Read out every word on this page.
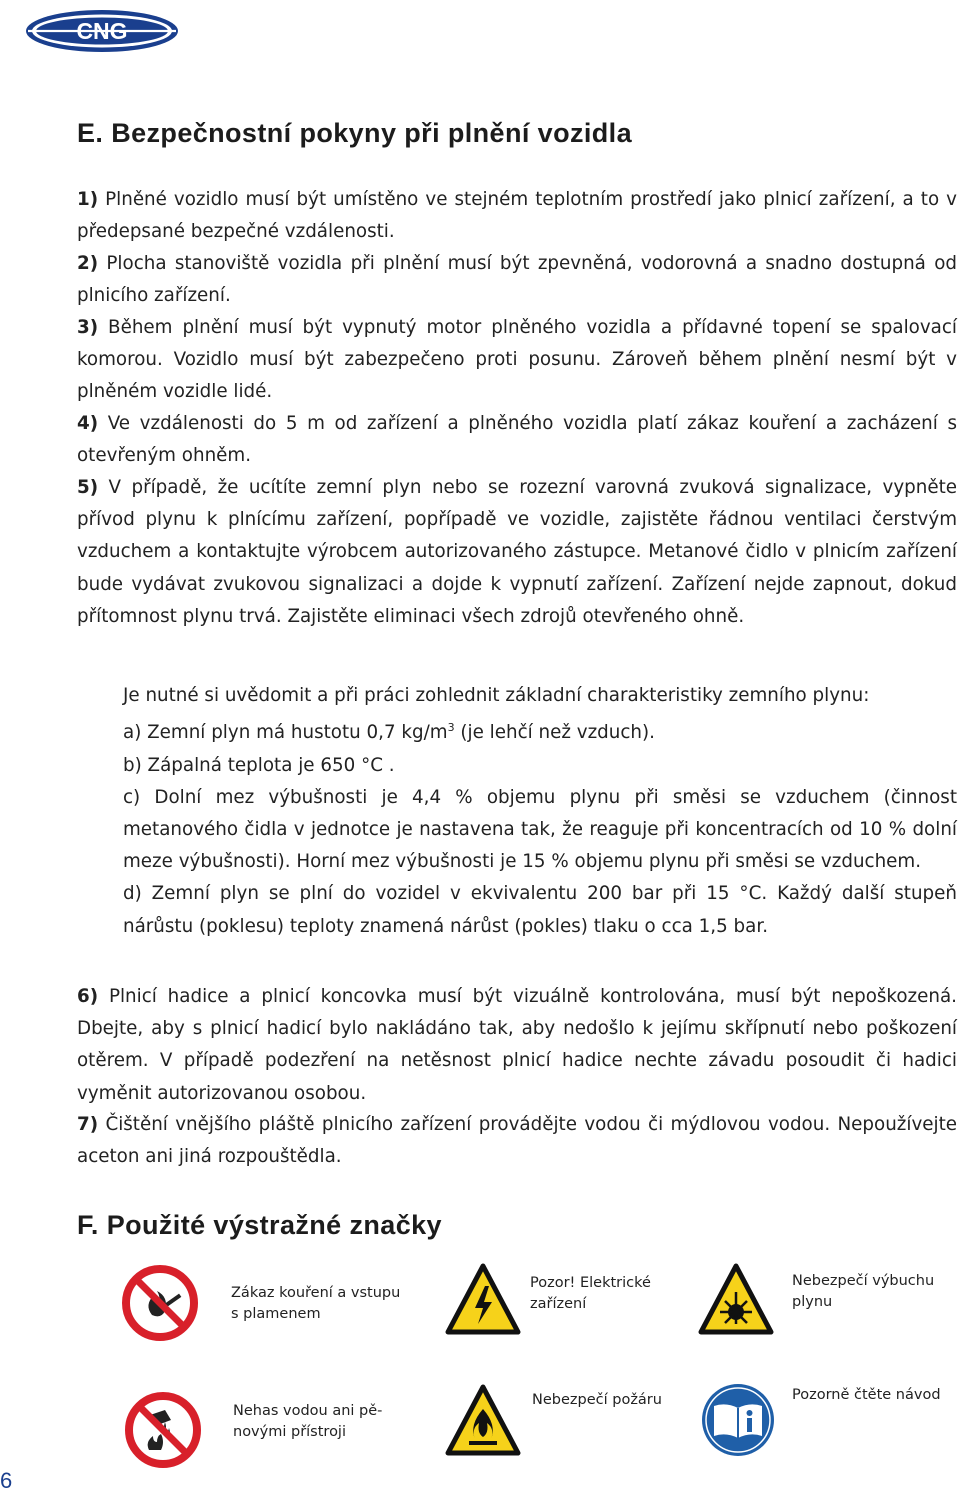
CNG
E. Bezpečnostní pokyny při plnění vozidla

1) Plněné vozidlo musí být umístěno ve stejném teplotním prostředí jako plnicí zařízení, a to v předepsané bezpečné vzdálenosti.

2) Plocha stanoviště vozidla při plnění musí být zpevněná, vodorovná a snadno dostupná od plnicího zařízení.

3) Během plnění musí být vypnutý motor plněného vozidla a přídavné topení se spalovací komorou. Vozidlo musí být zabezpečeno proti posunu. Zároveň během plnění nesmí být v plněném vozidle lidé.

4) Ve vzdálenosti do 5 m od zařízení a plněného vozidla platí zákaz kouření a zacházení s otevřeným ohněm.

5) V případě, že ucítíte zemní plyn nebo se rozezní varovná zvuková signalizace, vypněte přívod plynu k plnícímu zařízení, popřípadě ve vozidle, zajistěte řádnou ventilaci čerstvým vzduchem a kontaktujte výrobcem autorizovaného zástupce. Metanové čidlo v plnicím zařízení bude vydávat zvukovou signalizaci a dojde k vypnutí zařízení. Zařízení nejde zapnout, dokud přítomnost plynu trvá. Zajistěte eliminaci všech zdrojů otevřeného ohně.

Je nutné si uvědomit a při práci zohlednit základní charakteristiky zemního plynu:

a) Zemní plyn má hustotu 0,7 $kg/m^3$ (je lehčí než vzduch).

b) Zápalná teplota je 650 °C .

c) Dolní mez výbušnosti je 4,4 % objemu plynu při směsi se vzduchem (činnost metanového čidla v jednotce je nastavena tak, že reaguje při koncentracích od 10 % dolní meze výbušnosti). Horní mez výbušnosti je 15 % objemu plynu při směsi se vzduchem.

d) Zemní plyn se plní do vozidel v ekvivalentu 200 bar při 15 °C. Každý další stupeň nárůstu (poklesu) teploty znamená nárůst (pokles) tlaku o cca 1,5 bar.

6) Plnicí hadice a plnicí koncovka musí být vizuálně kontrolována, musí být nepoškozená. Dbejte, aby s plnicí hadicí bylo nakládáno tak, aby nedošlo k jejímu skřípnutí nebo poškození otěrem. V případě podezření na netěsnost plnicí hadice nechte závadu posoudit či hadici vyměnit autorizovanou osobou.

7) Čištění vnějšího pláště plnicího zařízení provádějte vodou či mýdlovou vodou. Nepoužívejte aceton ani jiná rozpouštědla.

F. Použité výstražné značky
Zákaz kouření a vstupu s plamenem
Pozor! Elektrické zařízení
Nebezpečí výbuchu plynu
Nehas vodou ani pěnovými přístroji
Nebezpečí požáru	Pozorně čtěte návod
6
